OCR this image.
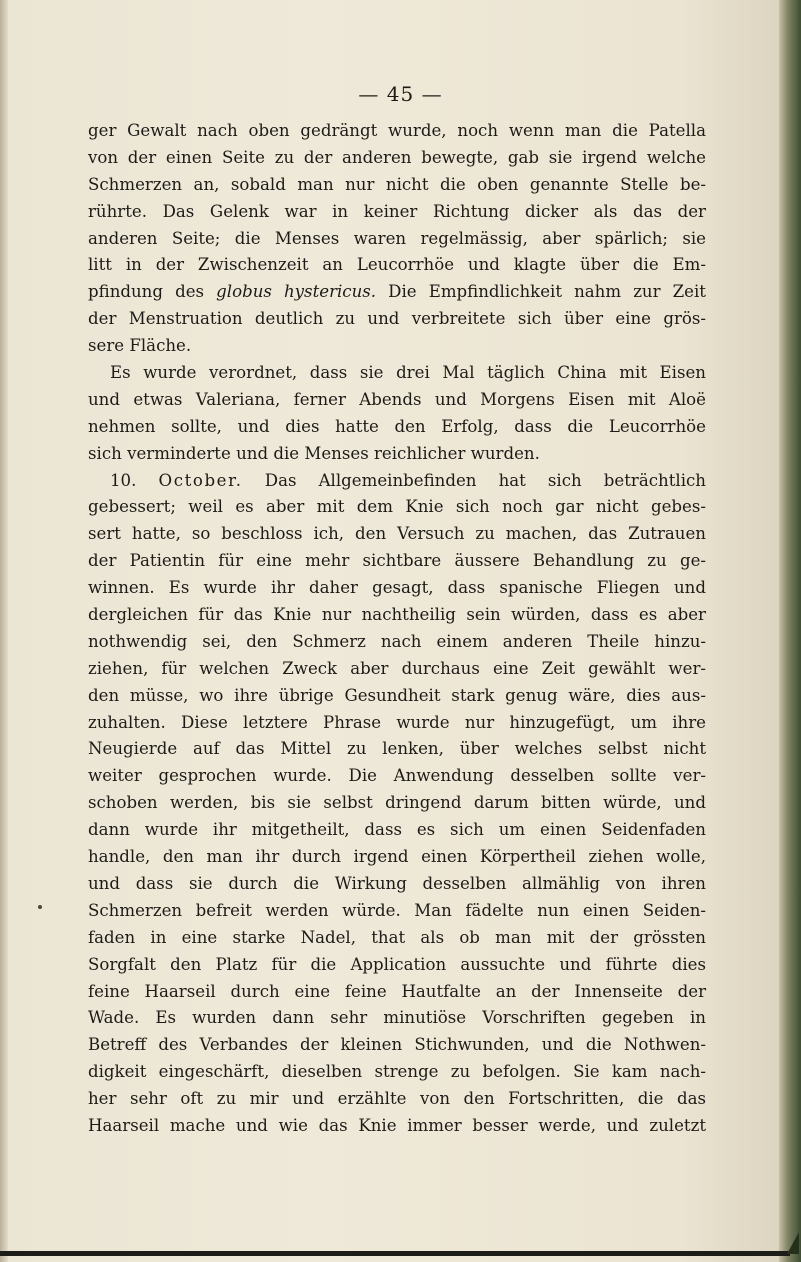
— 45 —
ger Gewalt nach oben gedrängt wurde, noch wenn man die Patella
von der einen Seite zu der anderen bewegte, gab sie irgend welche
Schmerzen an, sobald man nur nicht die oben genannte Stelle be-
rührte. Das Gelenk war in keiner Richtung dicker als das der
anderen Seite; die Menses waren regelmässig, aber spärlich; sie
litt in der Zwischenzeit an Leucorrhöe und klagte über die Em-
pfindung des globus hystericus. Die Empfindlichkeit nahm zur Zeit
der Menstruation deutlich zu und verbreitete sich über eine grös-
sere Fläche.
Es wurde verordnet, dass sie drei Mal täglich China mit Eisen
und etwas Valeriana, ferner Abends und Morgens Eisen mit Aloë
nehmen sollte, und dies hatte den Erfolg, dass die Leucorrhöe
sich verminderte und die Menses reichlicher wurden.
10. October. Das Allgemeinbefinden hat sich beträchtlich
gebessert; weil es aber mit dem Knie sich noch gar nicht gebes-
sert hatte, so beschloss ich, den Versuch zu machen, das Zutrauen
der Patientin für eine mehr sichtbare äussere Behandlung zu ge-
winnen. Es wurde ihr daher gesagt, dass spanische Fliegen und
dergleichen für das Knie nur nachtheilig sein würden, dass es aber
nothwendig sei, den Schmerz nach einem anderen Theile hinzu-
ziehen, für welchen Zweck aber durchaus eine Zeit gewählt wer-
den müsse, wo ihre übrige Gesundheit stark genug wäre, dies aus-
zuhalten. Diese letztere Phrase wurde nur hinzugefügt, um ihre
Neugierde auf das Mittel zu lenken, über welches selbst nicht
weiter gesprochen wurde. Die Anwendung desselben sollte ver-
schoben werden, bis sie selbst dringend darum bitten würde, und
dann wurde ihr mitgetheilt, dass es sich um einen Seidenfaden
handle, den man ihr durch irgend einen Körpertheil ziehen wolle,
und dass sie durch die Wirkung desselben allmählig von ihren
Schmerzen befreit werden würde. Man fädelte nun einen Seiden-
faden in eine starke Nadel, that als ob man mit der grössten
Sorgfalt den Platz für die Application aussuchte und führte dies
feine Haarseil durch eine feine Hautfalte an der Innenseite der
Wade. Es wurden dann sehr minutiöse Vorschriften gegeben in
Betreff des Verbandes der kleinen Stichwunden, und die Nothwen-
digkeit eingeschärft, dieselben strenge zu befolgen. Sie kam nach-
her sehr oft zu mir und erzählte von den Fortschritten, die das
Haarseil mache und wie das Knie immer besser werde, und zuletzt
